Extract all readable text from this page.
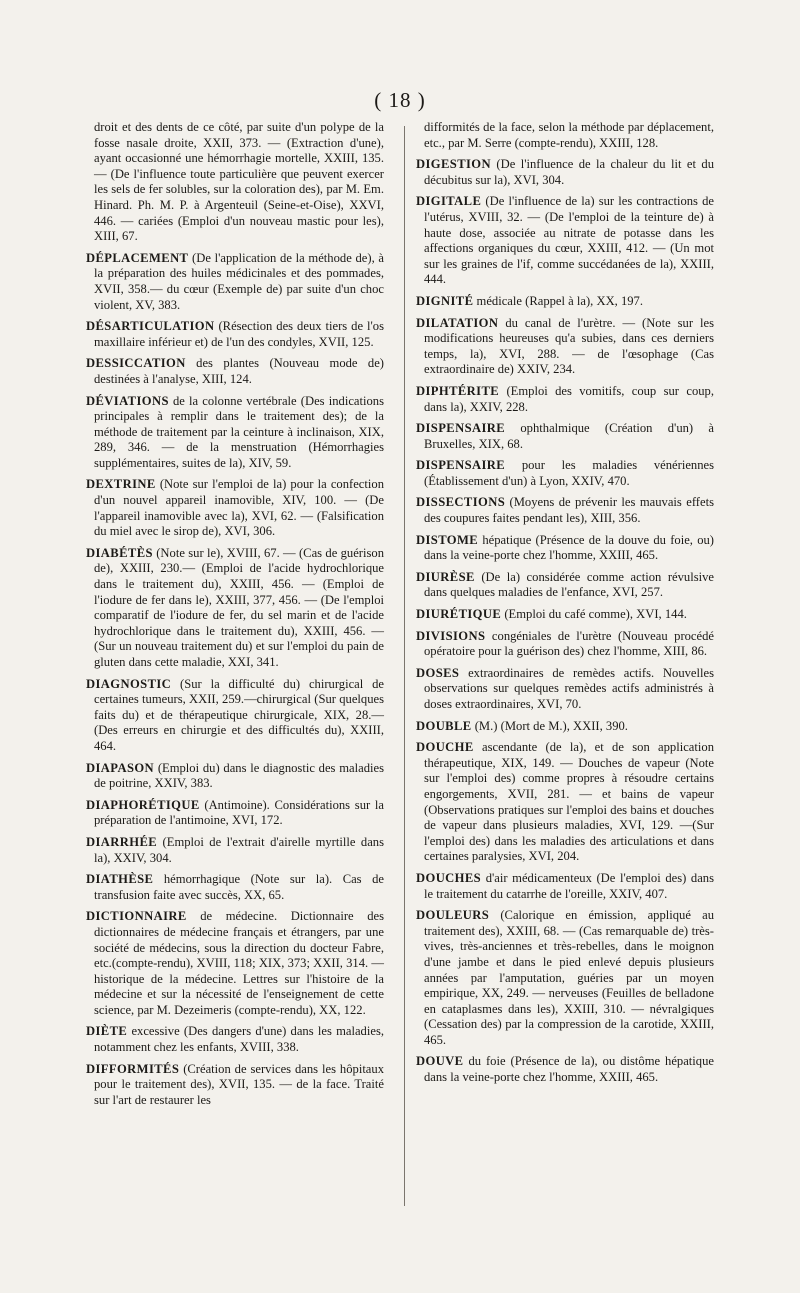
( 18 )

droit et des dents de ce côté, par suite d'un polype de la fosse nasale droite, XXII, 373. — (Extraction d'une), ayant occasionné une hémorrhagie mortelle, XXIII, 135. — (De l'influence toute particulière que peuvent exercer les sels de fer solubles, sur la coloration des), par M. Em. Hinard. Ph. M. P. à Argenteuil (Seine-et-Oise), XXVI, 446. — cariées (Emploi d'un nouveau mastic pour les), XIII, 67.

DÉPLACEMENT (De l'application de la méthode de), à la préparation des huiles médicinales et des pommades, XVII, 358.— du cœur (Exemple de) par suite d'un choc violent, XV, 383.

DÉSARTICULATION (Résection des deux tiers de l'os maxillaire inférieur et) de l'un des condyles, XVII, 125.

DESSICCATION des plantes (Nouveau mode de) destinées à l'analyse, XIII, 124.

DÉVIATIONS de la colonne vertébrale (Des indications principales à remplir dans le traitement des); de la méthode de traitement par la ceinture à inclinaison, XIX, 289, 346. — de la menstruation (Hémorrhagies supplémentaires, suites de la), XIV, 59.

DEXTRINE (Note sur l'emploi de la) pour la confection d'un nouvel appareil inamovible, XIV, 100. — (De l'appareil inamovible avec la), XVI, 62. — (Falsification du miel avec le sirop de), XVI, 306.

DIABÉTÈS (Note sur le), XVIII, 67. — (Cas de guérison de), XXIII, 230.— (Emploi de l'acide hydrochlorique dans le traitement du), XXIII, 456. — (Emploi de l'iodure de fer dans le), XXIII, 377, 456. — (De l'emploi comparatif de l'iodure de fer, du sel marin et de l'acide hydrochlorique dans le traitement du), XXIII, 456. — (Sur un nouveau traitement du) et sur l'emploi du pain de gluten dans cette maladie, XXI, 341.

DIAGNOSTIC (Sur la difficulté du) chirurgical de certaines tumeurs, XXII, 259.—chirurgical (Sur quelques faits du) et de thérapeutique chirurgicale, XIX, 28.— (Des erreurs en chirurgie et des difficultés du), XXIII, 464.

DIAPASON (Emploi du) dans le diagnostic des maladies de poitrine, XXIV, 383.

DIAPHORÉTIQUE (Antimoine). Considérations sur la préparation de l'antimoine, XVI, 172.

DIARRHÉE (Emploi de l'extrait d'airelle myrtille dans la), XXIV, 304.

DIATHÈSE hémorrhagique (Note sur la). Cas de transfusion faite avec succès, XX, 65.

DICTIONNAIRE de médecine. Dictionnaire des dictionnaires de médecine français et étrangers, par une société de médecins, sous la direction du docteur Fabre, etc.(compte-rendu), XVIII, 118; XIX, 373; XXII, 314. — historique de la médecine. Lettres sur l'histoire de la médecine et sur la nécessité de l'enseignement de cette science, par M. Dezeimeris (compte-rendu), XX, 122.

DIÈTE excessive (Des dangers d'une) dans les maladies, notamment chez les enfants, XVIII, 338.

DIFFORMITÉS (Création de services dans les hôpitaux pour le traitement des), XVII, 135. — de la face. Traité sur l'art de restaurer les

difformités de la face, selon la méthode par déplacement, etc., par M. Serre (compte-rendu), XXIII, 128.

DIGESTION (De l'influence de la chaleur du lit et du décubitus sur la), XVI, 304.

DIGITALE (De l'influence de la) sur les contractions de l'utérus, XVIII, 32. — (De l'emploi de la teinture de) à haute dose, associée au nitrate de potasse dans les affections organiques du cœur, XXIII, 412. — (Un mot sur les graines de l'if, comme succédanées de la), XXIII, 444.

DIGNITÉ médicale (Rappel à la), XX, 197.

DILATATION du canal de l'urètre. — (Note sur les modifications heureuses qu'a subies, dans ces derniers temps, la), XVI, 288. — de l'œsophage (Cas extraordinaire de) XXIV, 234.

DIPHTÉRITE (Emploi des vomitifs, coup sur coup, dans la), XXIV, 228.

DISPENSAIRE ophthalmique (Création d'un) à Bruxelles, XIX, 68.

DISPENSAIRE pour les maladies vénériennes (Établissement d'un) à Lyon, XXIV, 470.

DISSECTIONS (Moyens de prévenir les mauvais effets des coupures faites pendant les), XIII, 356.

DISTOME hépatique (Présence de la douve du foie, ou) dans la veine-porte chez l'homme, XXIII, 465.

DIURÈSE (De la) considérée comme action révulsive dans quelques maladies de l'enfance, XVI, 257.

DIURÉTIQUE (Emploi du café comme), XVI, 144.

DIVISIONS congéniales de l'urètre (Nouveau procédé opératoire pour la guérison des) chez l'homme, XIII, 86.

DOSES extraordinaires de remèdes actifs. Nouvelles observations sur quelques remèdes actifs administrés à doses extraordinaires, XVI, 70.

DOUBLE (M.) (Mort de M.), XXII, 390.

DOUCHE ascendante (de la), et de son application thérapeutique, XIX, 149. — Douches de vapeur (Note sur l'emploi des) comme propres à résoudre certains engorgements, XVII, 281. — et bains de vapeur (Observations pratiques sur l'emploi des bains et douches de vapeur dans plusieurs maladies, XVI, 129. —(Sur l'emploi des) dans les maladies des articulations et dans certaines paralysies, XVI, 204.

DOUCHES d'air médicamenteux (De l'emploi des) dans le traitement du catarrhe de l'oreille, XXIV, 407.

DOULEURS (Calorique en émission, appliqué au traitement des), XXIII, 68. — (Cas remarquable de) très-vives, très-anciennes et très-rebelles, dans le moignon d'une jambe et dans le pied enlevé depuis plusieurs années par l'amputation, guéries par un moyen empirique, XX, 249. — nerveuses (Feuilles de belladone en cataplasmes dans les), XXIII, 310. — névralgiques (Cessation des) par la compression de la carotide, XXIII, 465.

DOUVE du foie (Présence de la), ou distôme hépatique dans la veine-porte chez l'homme, XXIII, 465.
